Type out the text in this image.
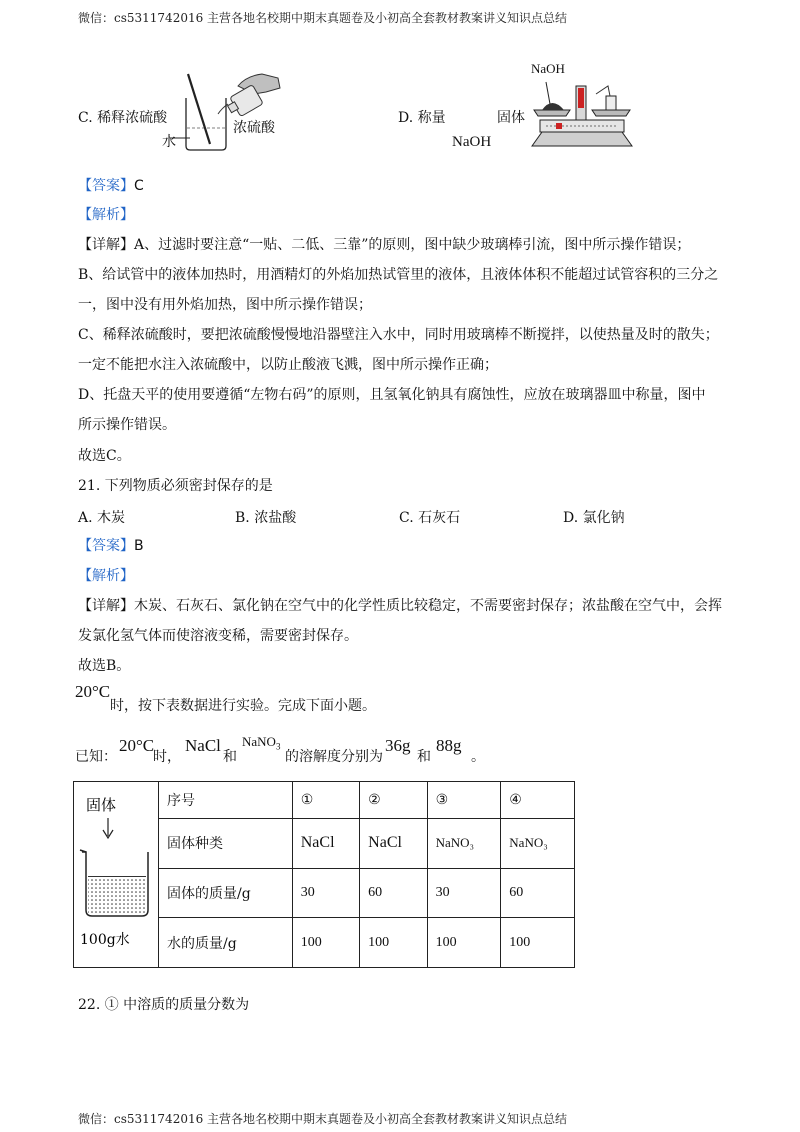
微信：cs5311742016 主营各地名校期中期末真题卷及小初高全套教材教案讲义知识点总结
C. 稀释浓硫酸
水
浓硫酸
D. 称量
NaOH
固体
NaOH
【答案】C
【解析】
【详解】A、过滤时要注意“一贴、二低、三靠”的原则，图中缺少玻璃棒引流，图中所示操作错误；
B、给试管中的液体加热时，用酒精灯的外焰加热试管里的液体，且液体体积不能超过试管容积的三分之
一，图中没有用外焰加热，图中所示操作错误；
C、稀释浓硫酸时，要把浓硫酸慢慢地沿器壁注入水中，同时用玻璃棒不断搅拌，以使热量及时的散失；
一定不能把水注入浓硫酸中，以防止酸液飞溅，图中所示操作正确；
D、托盘天平的使用要遵循“左物右码”的原则，且氢氧化钠具有腐蚀性，应放在玻璃器皿中称量，图中
所示操作错误。
故选C。
21. 下列物质必须密封保存的是
A. 木炭	B. 浓盐酸	C. 石灰石	D. 氯化钠
【答案】B
【解析】
【详解】木炭、石灰石、氯化钠在空气中的化学性质比较稳定，不需要密封保存；浓盐酸在空气中，会挥
发氯化氢气体而使溶液变稀，需要密封保存。
故选B。
20°C
时，按下表数据进行实验。完成下面小题。
已知：
20°C
时，
NaCl
和
NaNO$_3$
的溶解度分别为
36g
和
88g
。
固体
100g水	序号	①	②	③	④
	固体种类	NaCl	NaCl	NaNO₃	NaNO₃
	固体的质量/g	30	60	30	60
	水的质量/g	100	100	100	100
22. ① 中溶质的质量分数为
微信：cs5311742016 主营各地名校期中期末真题卷及小初高全套教材教案讲义知识点总结
